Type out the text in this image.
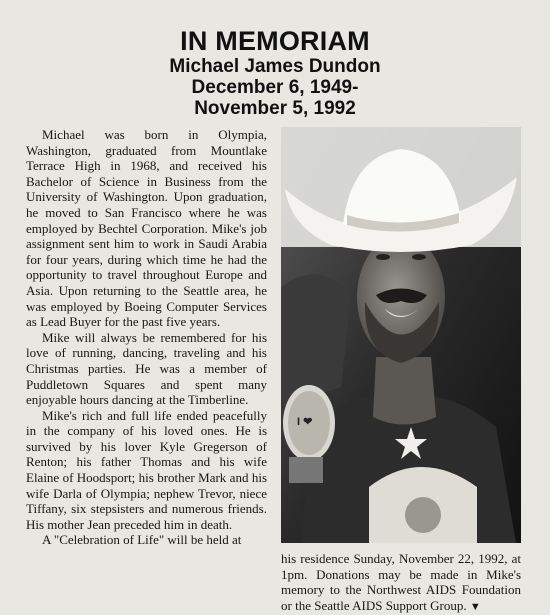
IN MEMORIAM
Michael James Dundon
December 6, 1949-
November 5, 1992

Michael was born in Olympia, Washington, graduated from Mountlake Terrace High in 1968, and received his Bachelor of Science in Business from the University of Washington. Upon graduation, he moved to San Francisco where he was employed by Bechtel Corporation. Mike's job assignment sent him to work in Saudi Arabia for four years, during which time he had the opportunity to travel throughout Europe and Asia. Upon returning to the Seattle area, he was employed by Boeing Computer Services as Lead Buyer for the past five years.

Mike will always be remembered for his love of running, dancing, traveling and his Christmas parties. He was a member of Puddletown Squares and spent many enjoyable hours dancing at the Timberline.

Mike's rich and full life ended peacefully in the company of his loved ones. He is survived by his lover Kyle Gregerson of Renton; his father Thomas and his wife Elaine of Hoodsport; his brother Mark and his wife Darla of Olympia; nephew Trevor, niece Tiffany, six stepsisters and numerous friends. His mother Jean preceded him in death.

A "Celebration of Life" will be held at

I ❤
his residence Sunday, November 22, 1992, at 1pm. Donations may be made in Mike's memory to the Northwest AIDS Foundation or the Seattle AIDS Support Group. ▼
